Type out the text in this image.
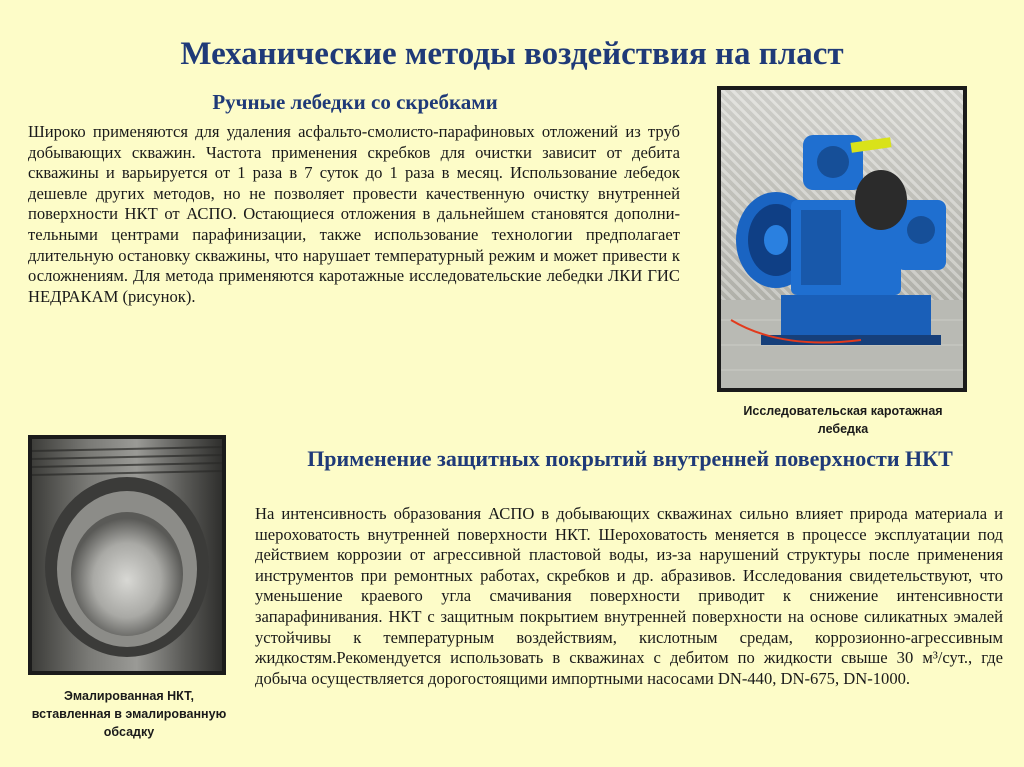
Механические методы воздействия на пласт
Ручные лебедки со скребками
Широко применяются для удаления асфальто-смолисто-парафиновых отложений из труб добывающих скважин. Частота применения скребков для очистки зависит от дебита скважины и варьируется от 1 раза в 7 суток до 1 раза в месяц. Использование лебедок дешевле других методов, но не позволяет провести качественную очистку внутренней поверхности НКТ от АСПО. Остающиеся отложения в дальнейшем становятся дополни-тельными центрами парафинизации, также использование технологии предполагает длительную остановку скважины, что нарушает температурный режим и может привести к осложнениям. Для метода применяются каротажные исследовательские лебедки ЛКИ ГИС НЕДРАКАМ (рисунок).
Исследовательская каротажная лебедка
Эмалированная НКТ, вставленная в эмалированную обсадку
Применение защитных покрытий внутренней поверхности НКТ
На интенсивность образования АСПО в добывающих скважинах сильно влияет природа материала и шероховатость внутренней поверхности НКТ. Шероховатость меняется в процессе эксплуатации под действием коррозии от агрессивной пластовой воды, из-за нарушений структуры после применения инструментов при ремонтных работах, скребков и др. абразивов. Исследования свидетельствуют, что уменьшение краевого угла смачивания поверхности приводит к снижение интенсивности запарафинивания. НКТ с защитным покрытием внутренней поверхности на основе силикатных эмалей устойчивы к температурным воздействиям, кислотным средам, коррозионно-агрессивным жидкостям.Рекомендуется использовать в скважинах с дебитом по жидкости свыше 30 м³/сут., где добыча осуществляется дорогостоящими импортными насосами DN-440, DN-675, DN-1000.
